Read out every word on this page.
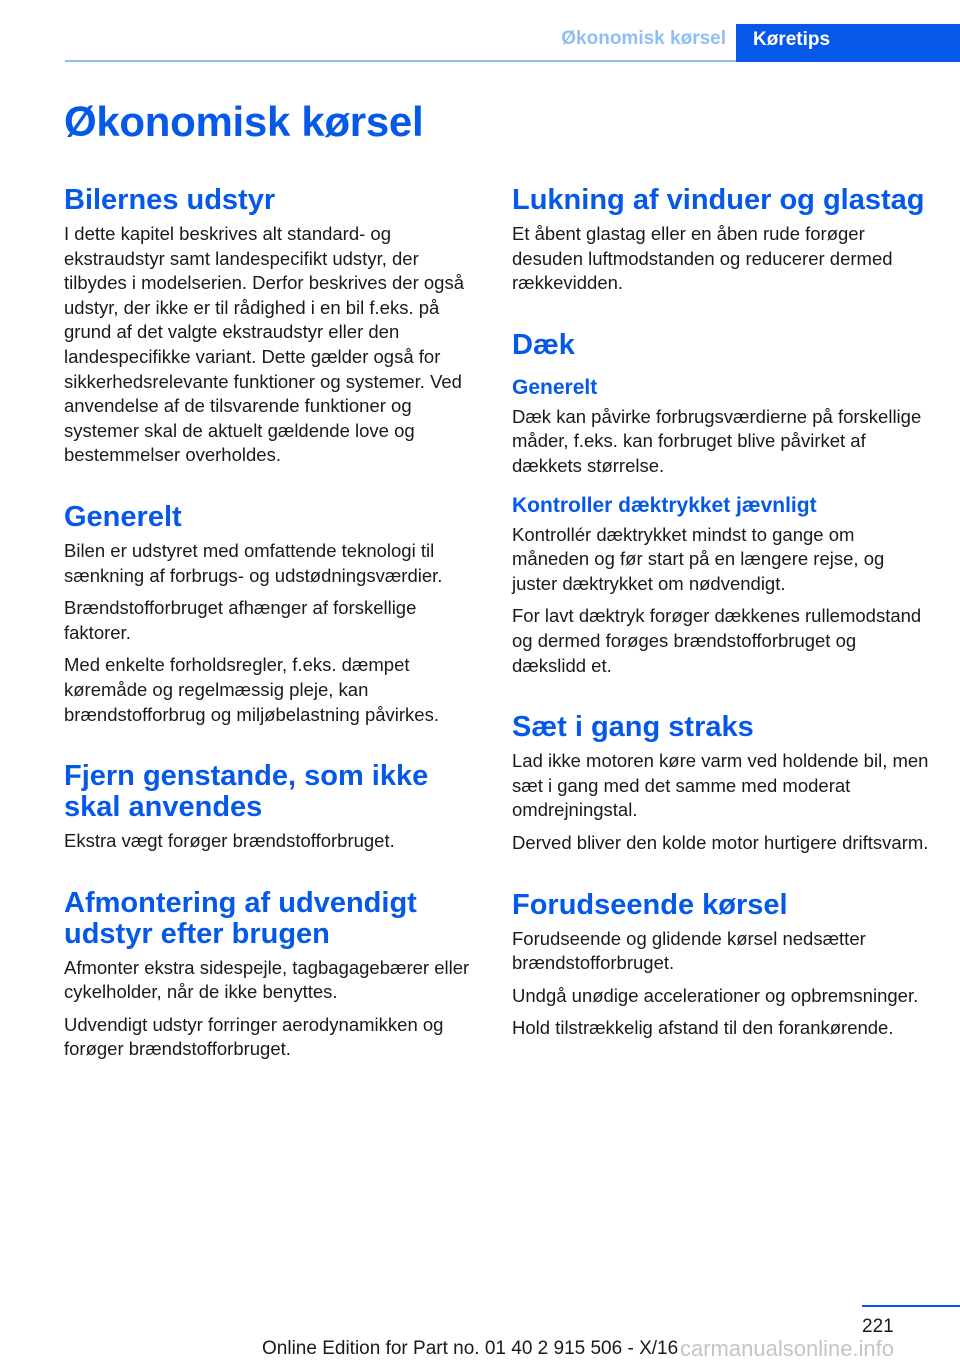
Økonomisk kørsel	Køretips
Økonomisk kørsel
Bilernes udstyr

I dette kapitel beskrives alt standard- og ekstraudstyr samt landespecifikt udstyr, der tilbydes i modelserien. Derfor beskrives der også udstyr, der ikke er til rådighed i en bil f.eks. på grund af det valgte ekstraudstyr eller den landespecifikke variant. Dette gælder også for sikkerhedsrelevante funktioner og systemer. Ved anvendelse af de tilsvarende funktioner og systemer skal de aktuelt gældende love og bestemmelser overholdes.

Generelt

Bilen er udstyret med omfattende teknologi til sænkning af forbrugs- og udstødningsværdier.

Brændstofforbruget afhænger af forskellige faktorer.

Med enkelte forholdsregler, f.eks. dæmpet køremåde og regelmæssig pleje, kan brændstofforbrug og miljøbelastning påvirkes.

Fjern genstande, som ikke skal anvendes

Ekstra vægt forøger brændstofforbruget.

Afmontering af udvendigt udstyr efter brugen

Afmonter ekstra sidespejle, tagbagagebærer eller cykelholder, når de ikke benyttes.

Udvendigt udstyr forringer aerodynamikken og forøger brændstofforbruget.

Lukning af vinduer og glastag

Et åbent glastag eller en åben rude forøger desuden luftmodstanden og reducerer dermed rækkevidden.

Dæk
Generelt

Dæk kan påvirke forbrugsværdierne på forskellige måder, f.eks. kan forbruget blive påvirket af dækkets størrelse.

Kontroller dæktrykket jævnligt

Kontrollér dæktrykket mindst to gange om måneden og før start på en længere rejse, og juster dæktrykket om nødvendigt.

For lavt dæktryk forøger dækkenes rullemodstand og dermed forøges brændstofforbruget og dækslidd et.

Sæt i gang straks

Lad ikke motoren køre varm ved holdende bil, men sæt i gang med det samme med moderat omdrejningstal.

Derved bliver den kolde motor hurtigere driftsvarm.

Forudseende kørsel

Forudseende og glidende kørsel nedsætter brændstofforbruget.

Undgå unødige accelerationer og opbremsninger.

Hold tilstrækkelig afstand til den forankørende.

221
Online Edition for Part no. 01 40 2 915 506 - X/16 carmanualsonline.info
